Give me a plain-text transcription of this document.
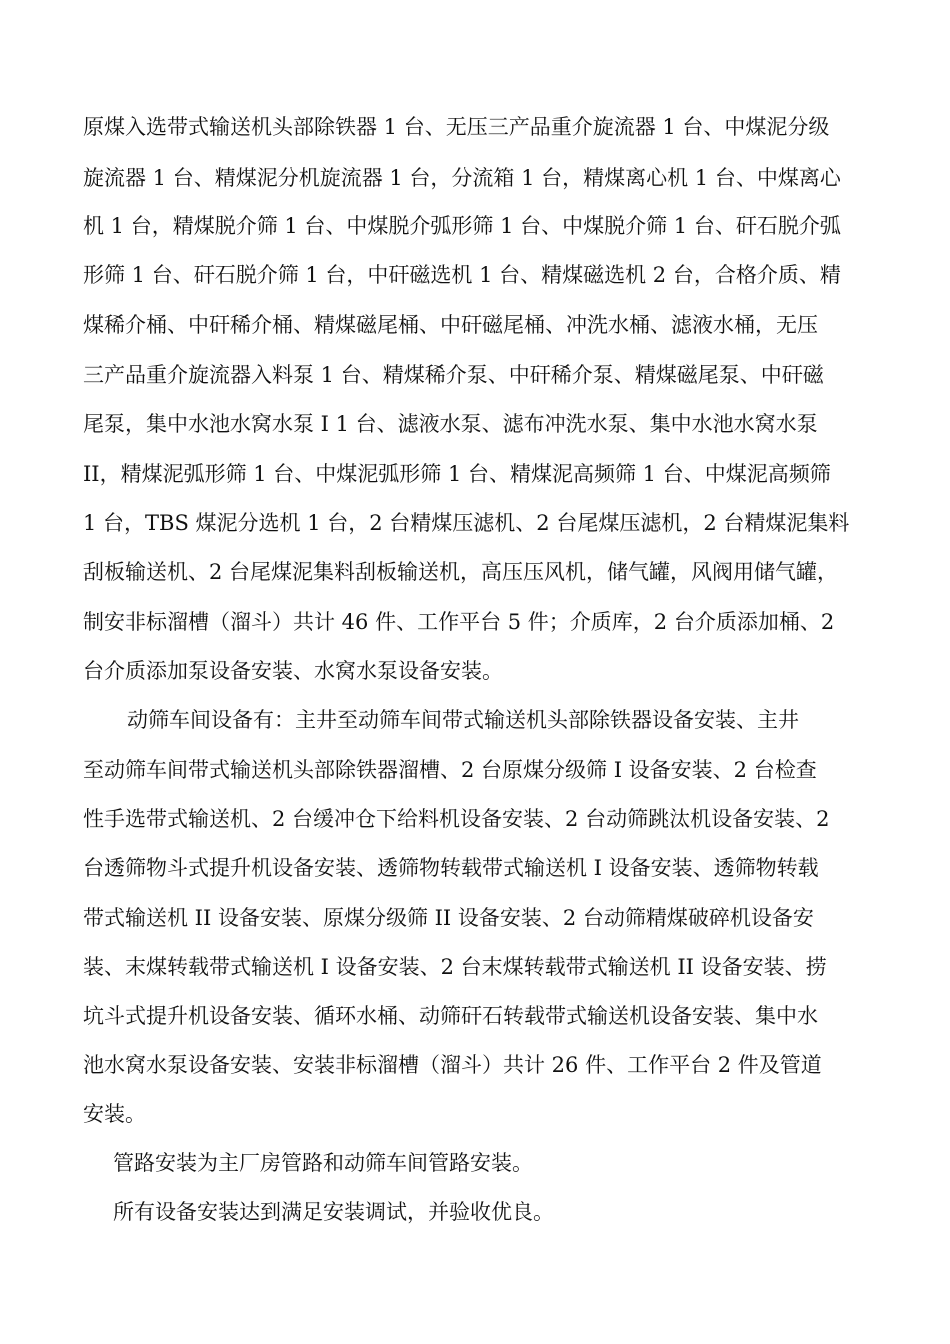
原煤入选带式输送机头部除铁器 1 台、无压三产品重介旋流器 1 台、中煤泥分级
旋流器 1 台、精煤泥分机旋流器 1 台，分流箱 1 台，精煤离心机 1 台、中煤离心
机 1 台，精煤脱介筛 1 台、中煤脱介弧形筛 1 台、中煤脱介筛 1 台、矸石脱介弧
形筛 1 台、矸石脱介筛 1 台，中矸磁选机 1 台、精煤磁选机 2 台，合格介质、精
煤稀介桶、中矸稀介桶、精煤磁尾桶、中矸磁尾桶、冲洗水桶、滤液水桶，无压
三产品重介旋流器入料泵 1 台、精煤稀介泵、中矸稀介泵、精煤磁尾泵、中矸磁
尾泵，集中水池水窝水泵 I 1 台、滤液水泵、滤布冲洗水泵、集中水池水窝水泵
II，精煤泥弧形筛 1 台、中煤泥弧形筛 1 台、精煤泥高频筛 1 台、中煤泥高频筛
1 台，TBS 煤泥分选机 1 台，2 台精煤压滤机、2 台尾煤压滤机，2 台精煤泥集料
刮板输送机、2 台尾煤泥集料刮板输送机，高压压风机，储气罐，风阀用储气罐，
制安非标溜槽（溜斗）共计 46 件、工作平台 5 件；介质库，2 台介质添加桶、2
台介质添加泵设备安装、水窝水泵设备安装。
动筛车间设备有：主井至动筛车间带式输送机头部除铁器设备安装、主井
至动筛车间带式输送机头部除铁器溜槽、2 台原煤分级筛 I 设备安装、2 台检查
性手选带式输送机、2 台缓冲仓下给料机设备安装、2 台动筛跳汰机设备安装、2
台透筛物斗式提升机设备安装、透筛物转载带式输送机 I 设备安装、透筛物转载
带式输送机 II 设备安装、原煤分级筛 II 设备安装、2 台动筛精煤破碎机设备安
装、末煤转载带式输送机 I 设备安装、2 台末煤转载带式输送机 II 设备安装、捞
坑斗式提升机设备安装、循环水桶、动筛矸石转载带式输送机设备安装、集中水
池水窝水泵设备安装、安装非标溜槽（溜斗）共计 26 件、工作平台 2 件及管道
安装。
管路安装为主厂房管路和动筛车间管路安装。
所有设备安装达到满足安装调试，并验收优良。
